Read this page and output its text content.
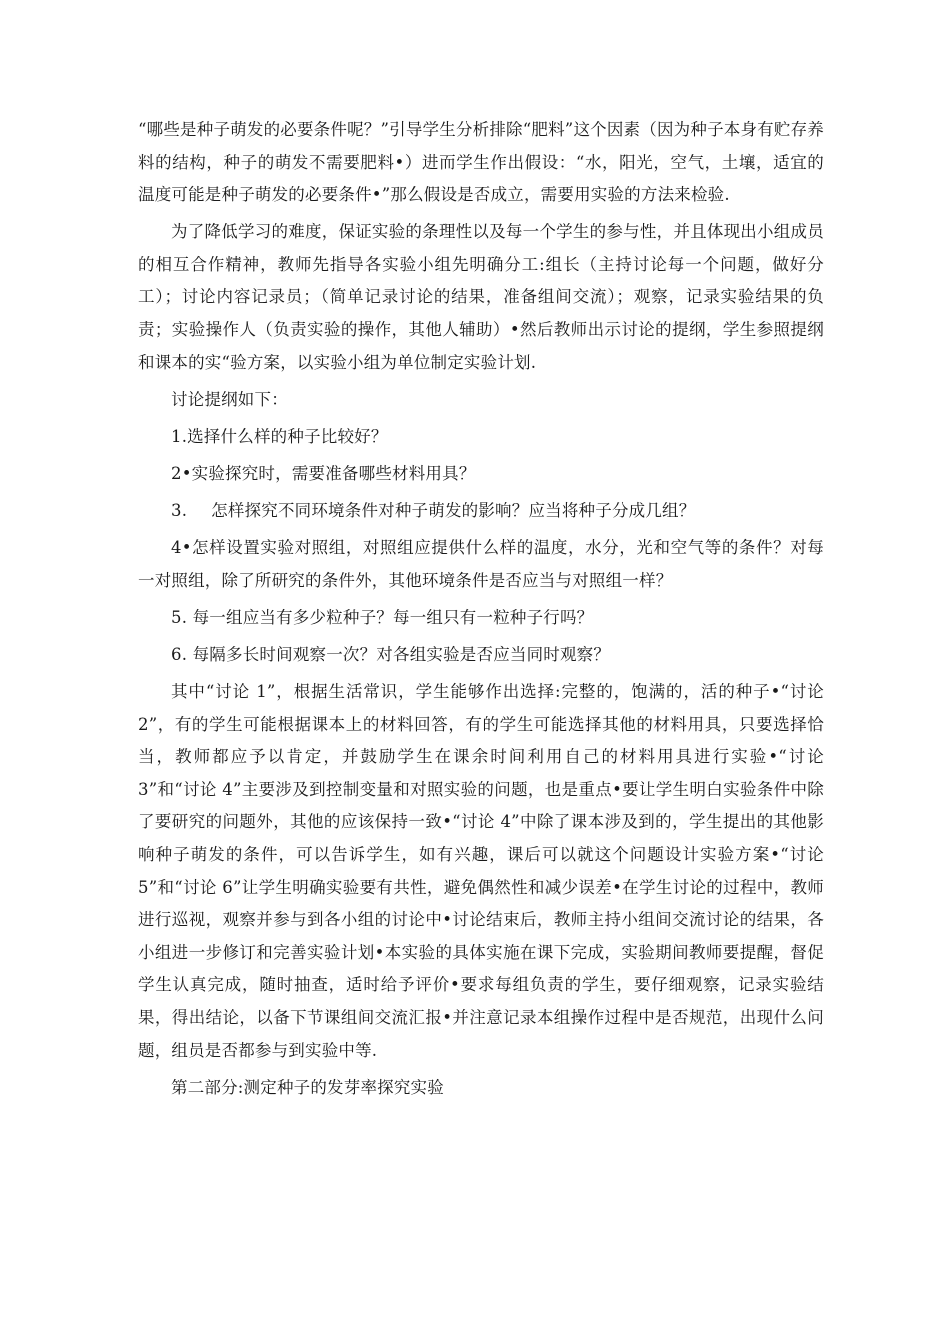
“哪些是种子萌发的必要条件呢？”引导学生分析排除“肥料”这个因素（因为种子本身有贮存养料的结构，种子的萌发不需要肥料•）进而学生作出假设：“水，阳光，空气，土壤，适宜的温度可能是种子萌发的必要条件•”那么假设是否成立，需要用实验的方法来检验.

为了降低学习的难度，保证实验的条理性以及每一个学生的参与性，并且体现出小组成员的相互合作精神，教师先指导各实验小组先明确分工:组长（主持讨论每一个问题，做好分工）；讨论内容记录员；（简单记录讨论的结果，准备组间交流）；观察，记录实验结果的负责；实验操作人（负责实验的操作，其他人辅助）•然后教师出示讨论的提纲，学生参照提纲和课本的实“验方案，以实验小组为单位制定实验计划.

讨论提纲如下：

1.选择什么样的种子比较好？

2•实验探究时，需要准备哪些材料用具？

3. 怎样探究不同环境条件对种子萌发的影响？应当将种子分成几组？

4•怎样设置实验对照组，对照组应提供什么样的温度，水分，光和空气等的条件？对每一对照组，除了所研究的条件外，其他环境条件是否应当与对照组一样？

5. 每一组应当有多少粒种子？每一组只有一粒种子行吗？

6. 每隔多长时间观察一次？对各组实验是否应当同时观察？

其中“讨论 1”，根据生活常识，学生能够作出选择:完整的，饱满的，活的种子•“讨论 2”，有的学生可能根据课本上的材料回答，有的学生可能选择其他的材料用具，只要选择恰当，教师都应予以肯定，并鼓励学生在课余时间利用自己的材料用具进行实验•“讨论 3”和“讨论 4”主要涉及到控制变量和对照实验的问题，也是重点•要让学生明白实验条件中除了要研究的问题外，其他的应该保持一致•“讨论 4”中除了课本涉及到的，学生提出的其他影响种子萌发的条件，可以告诉学生，如有兴趣，课后可以就这个问题设计实验方案•“讨论 5”和“讨论 6”让学生明确实验要有共性，避免偶然性和减少误差•在学生讨论的过程中，教师进行巡视，观察并参与到各小组的讨论中•讨论结束后，教师主持小组间交流讨论的结果，各小组进一步修订和完善实验计划•本实验的具体实施在课下完成，实验期间教师要提醒，督促学生认真完成，随时抽查，适时给予评价•要求每组负责的学生，要仔细观察，记录实验结果，得出结论，以备下节课组间交流汇报•并注意记录本组操作过程中是否规范，出现什么问题，组员是否都参与到实验中等.

第二部分:测定种子的发芽率探究实验
